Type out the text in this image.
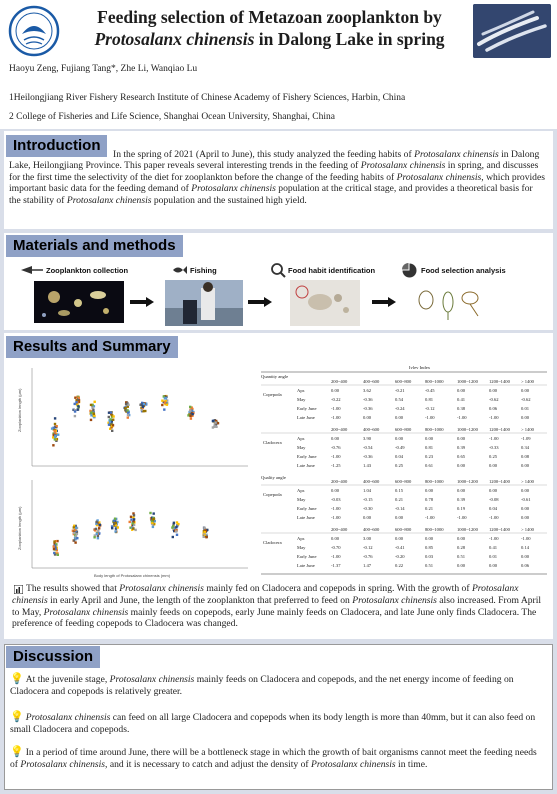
Feeding selection of Metazoan zooplankton by
Protosalanx chinensis in Dalong Lake in spring
Haoyu Zeng, Fujiang Tang*, Zhe Li, Wanqiao Lu
1Heilongjiang River Fishery Research Institute of Chinese Academy of Fishery Sciences, Harbin, China
2 College of Fisheries and Life Science, Shanghai Ocean University, Shanghai, China
Introduction
In the spring of 2021 (April to June), this study analyzed the feeding habits of Protosalanx chinensis in Dalong Lake, Heilongjiang Province. This paper reveals several interesting trends in the feeding of Protosalanx chinensis in spring, and discusses for the first time the selectivity of the diet for zooplankton before the change of the feeding habits of Protosalanx chinensis, which provides important basic data for the feeding demand of Protosalanx chinensis population at the critical stage, and provides a theoretical basis for the stability of Protosalanx chinensis population and the sustained high yield.
Materials and methods
Zooplankton collection	Fishing	Food habit identification	Food selection analysis
Results and Summary
Zooplankton length (μm)
Zooplankton length (μm)
Body length of Protosalanx chinensis (mm)
Ivlev Index
Quantity angle
Quality angle
200~400	400~600	600~800	800~1000	1000~1200 1200~1400 > 1400
Copepoda
Apr.	0.00	3.62	-0.21	-0.45	0.00	0.00	0.00
May	-0.22	-0.36	0.54	0.81	0.41	-0.62	-0.62
Early June	-1.00	-0.36	-0.24	-0.12	0.38	0.06	0.01
Late June	-1.00	0.00	0.00	-1.00	-1.00	-1.00	0.00
200~400	400~600	600~800	800~1000	1000~1200 1200~1400 > 1400
Cladocera
Apr.	0.00	3.90	0.00	0.00	0.00	-1.00	-1.09
May	-0.76	-0.54	-0.49	0.81	0.39	-0.33	0.34
Early June	-1.00	-0.36	0.04	0.23	0.65	0.25	0.08
Late June	-1.25	1.43	0.25	0.61	0.00	0.00	0.00
200~400	400~600	600~800	800~1000	1000~1200 1200~1400 > 1400
Copepoda
Apr.	0.00	1.04	0.15	0.00	0.00	0.00	0.00
May	-0.03	-0.15	0.21	0.78	0.39	-0.08	-0.61
Early June	-1.00	-0.30	-0.14	0.21	0.19	0.04	0.00
Late June	-1.00	0.00	0.00	-1.00	-1.00	-1.00	0.00
200~400	400~600	600~800	800~1000	1000~1200 1200~1400 > 1400
Cladocera
Apr.	0.00	3.00	0.00	0.00	0.00	-1.00	-1.00
May	-0.70	-0.12	-0.41	0.85	0.28	0.41	0.14
Early June	-1.00	-0.76	-0.20	0.03	0.51	0.01	0.00
Late June	-1.37	1.47	0.22	0.51	0.00	0.00	0.06
The results showed that Protosalanx chinensis mainly fed on Cladocera and copepods in spring. With the growth of Protosalanx chinensis in early April and June, the length of the zooplankton that preferred to feed on Protosalanx chinensis also increased. From April to May, Protosalanx chinensis mainly feeds on copepods, early June mainly feeds on Cladocera, and late June only finds Cladocera. The preference of feeding copepods to Cladocera was changed.
Discussion
💡 At the juvenile stage, Protosalanx chinensis mainly feeds on Cladocera and copepods, and the net energy income of feeding on Cladocera and copepods is relatively greater.
💡 Protosalanx chinensis can feed on all large Cladocera and copepods when its body length is more than 40mm, but it can also feed on small Cladocera and copepods.
💡 In a period of time around June, there will be a bottleneck stage in which the growth of bait organisms cannot meet the feeding needs of Protosalanx chinensis, and it is necessary to catch and adjust the density of Protosalanx chinensis in time.
